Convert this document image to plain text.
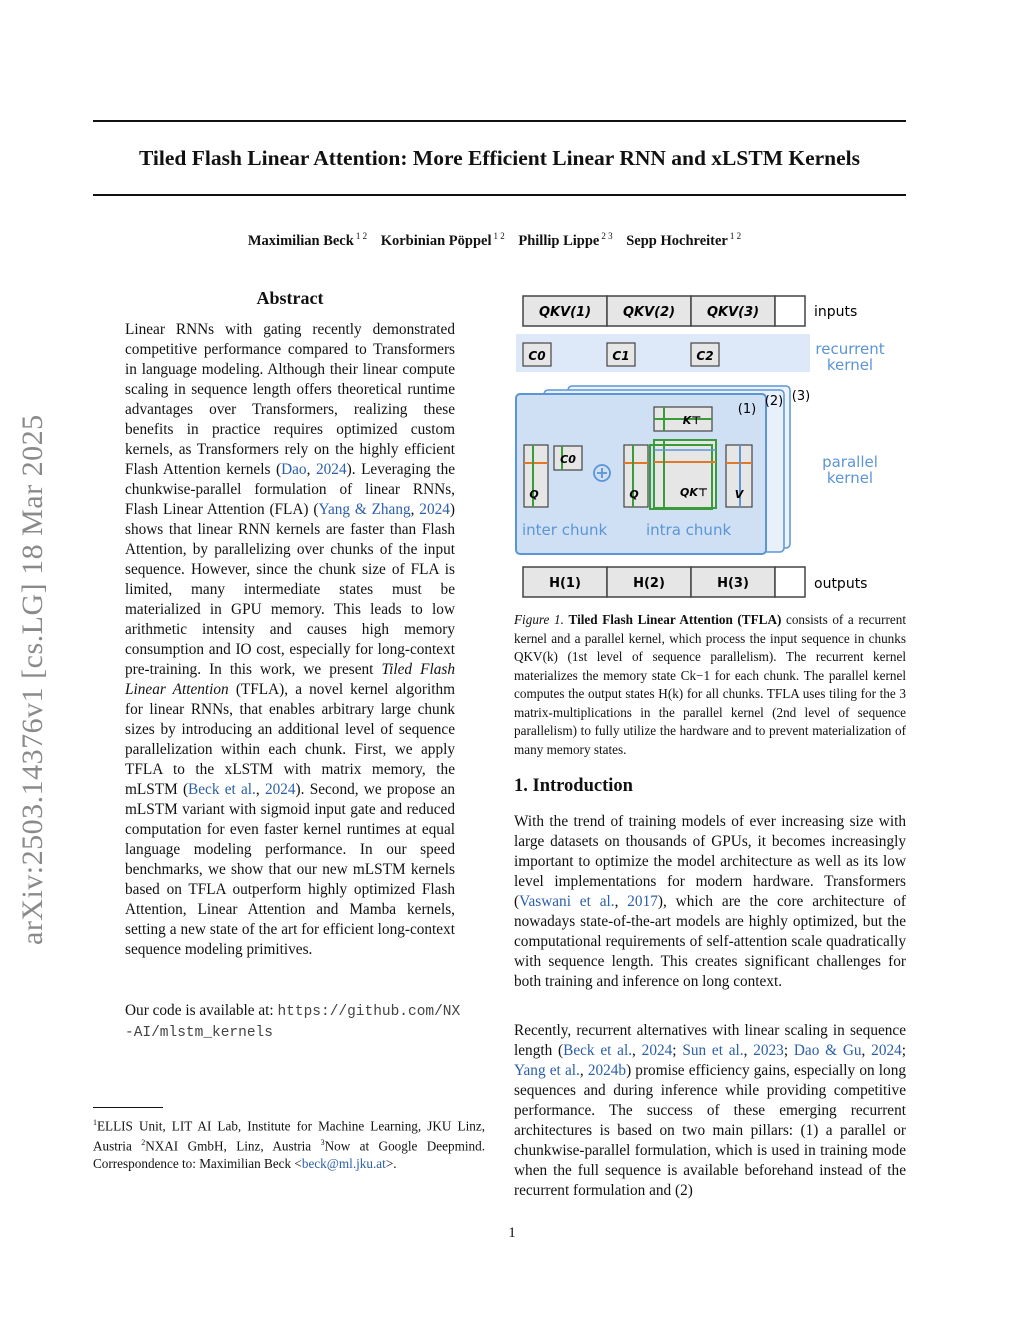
Tiled Flash Linear Attention: More Efficient Linear RNN and xLSTM Kernels
Maximilian Beck $^{1 2}$ Korbinian Pöppel $^{1 2}$ Phillip Lippe $^{2 3}$ Sepp Hochreiter $^{1 2}$
arXiv:2503.14376v1 [cs.LG] 18 Mar 2025
Abstract
Linear RNNs with gating recently demonstrated competitive performance compared to Transformers in language modeling. Although their linear compute scaling in sequence length offers theoretical runtime advantages over Transformers, realizing these benefits in practice requires optimized custom kernels, as Transformers rely on the highly efficient Flash Attention kernels (Dao, 2024). Leveraging the chunkwise-parallel formulation of linear RNNs, Flash Linear Attention (FLA) (Yang & Zhang, 2024) shows that linear RNN kernels are faster than Flash Attention, by parallelizing over chunks of the input sequence. However, since the chunk size of FLA is limited, many intermediate states must be materialized in GPU memory. This leads to low arithmetic intensity and causes high memory consumption and IO cost, especially for long-context pre-training. In this work, we present Tiled Flash Linear Attention (TFLA), a novel kernel algorithm for linear RNNs, that enables arbitrary large chunk sizes by introducing an additional level of sequence parallelization within each chunk. First, we apply TFLA to the xLSTM with matrix memory, the mLSTM (Beck et al., 2024). Second, we propose an mLSTM variant with sigmoid input gate and reduced computation for even faster kernel runtimes at equal language modeling performance. In our speed benchmarks, we show that our new mLSTM kernels based on TFLA outperform highly optimized Flash Attention, Linear Attention and Mamba kernels, setting a new state of the art for efficient long-context sequence modeling primitives.
Our code is available at: https://github.com/NX-AI/mlstm_kernels
$^1$ELLIS Unit, LIT AI Lab, Institute for Machine Learning, JKU Linz, Austria $^2$NXAI GmbH, Linz, Austria $^3$Now at Google Deepmind. Correspondence to: Maximilian Beck <beck@ml.jku.at>.
QKV(1) QKV(2) QKV(3)	inputs
C0	C1	C2	recurrent
kernel
(1)
(2) (3)
parallel
kernel
Q
C0
inter chunk
K⊤
Q	QK⊤ V
intra chunk
H(1)	H(2)	H(3)	outputs
Figure 1. Tiled Flash Linear Attention (TFLA) consists of a recurrent kernel and a parallel kernel, which process the input sequence in chunks QKV(k) (1st level of sequence parallelism). The recurrent kernel materializes the memory state Ck−1 for each chunk. The parallel kernel computes the output states H(k) for all chunks. TFLA uses tiling for the 3 matrix-multiplications in the parallel kernel (2nd level of sequence parallelism) to fully utilize the hardware and to prevent materialization of many memory states.
1. Introduction
With the trend of training models of ever increasing size with large datasets on thousands of GPUs, it becomes increasingly important to optimize the model architecture as well as its low level implementations for modern hardware. Transformers (Vaswani et al., 2017), which are the core architecture of nowadays state-of-the-art models are highly optimized, but the computational requirements of self-attention scale quadratically with sequence length. This creates significant challenges for both training and inference on long context.
Recently, recurrent alternatives with linear scaling in sequence length (Beck et al., 2024; Sun et al., 2023; Dao & Gu, 2024; Yang et al., 2024b) promise efficiency gains, especially on long sequences and during inference while providing competitive performance. The success of these emerging recurrent architectures is based on two main pillars: (1) a parallel or chunkwise-parallel formulation, which is used in training mode when the full sequence is available beforehand instead of the recurrent formulation and (2)
1
